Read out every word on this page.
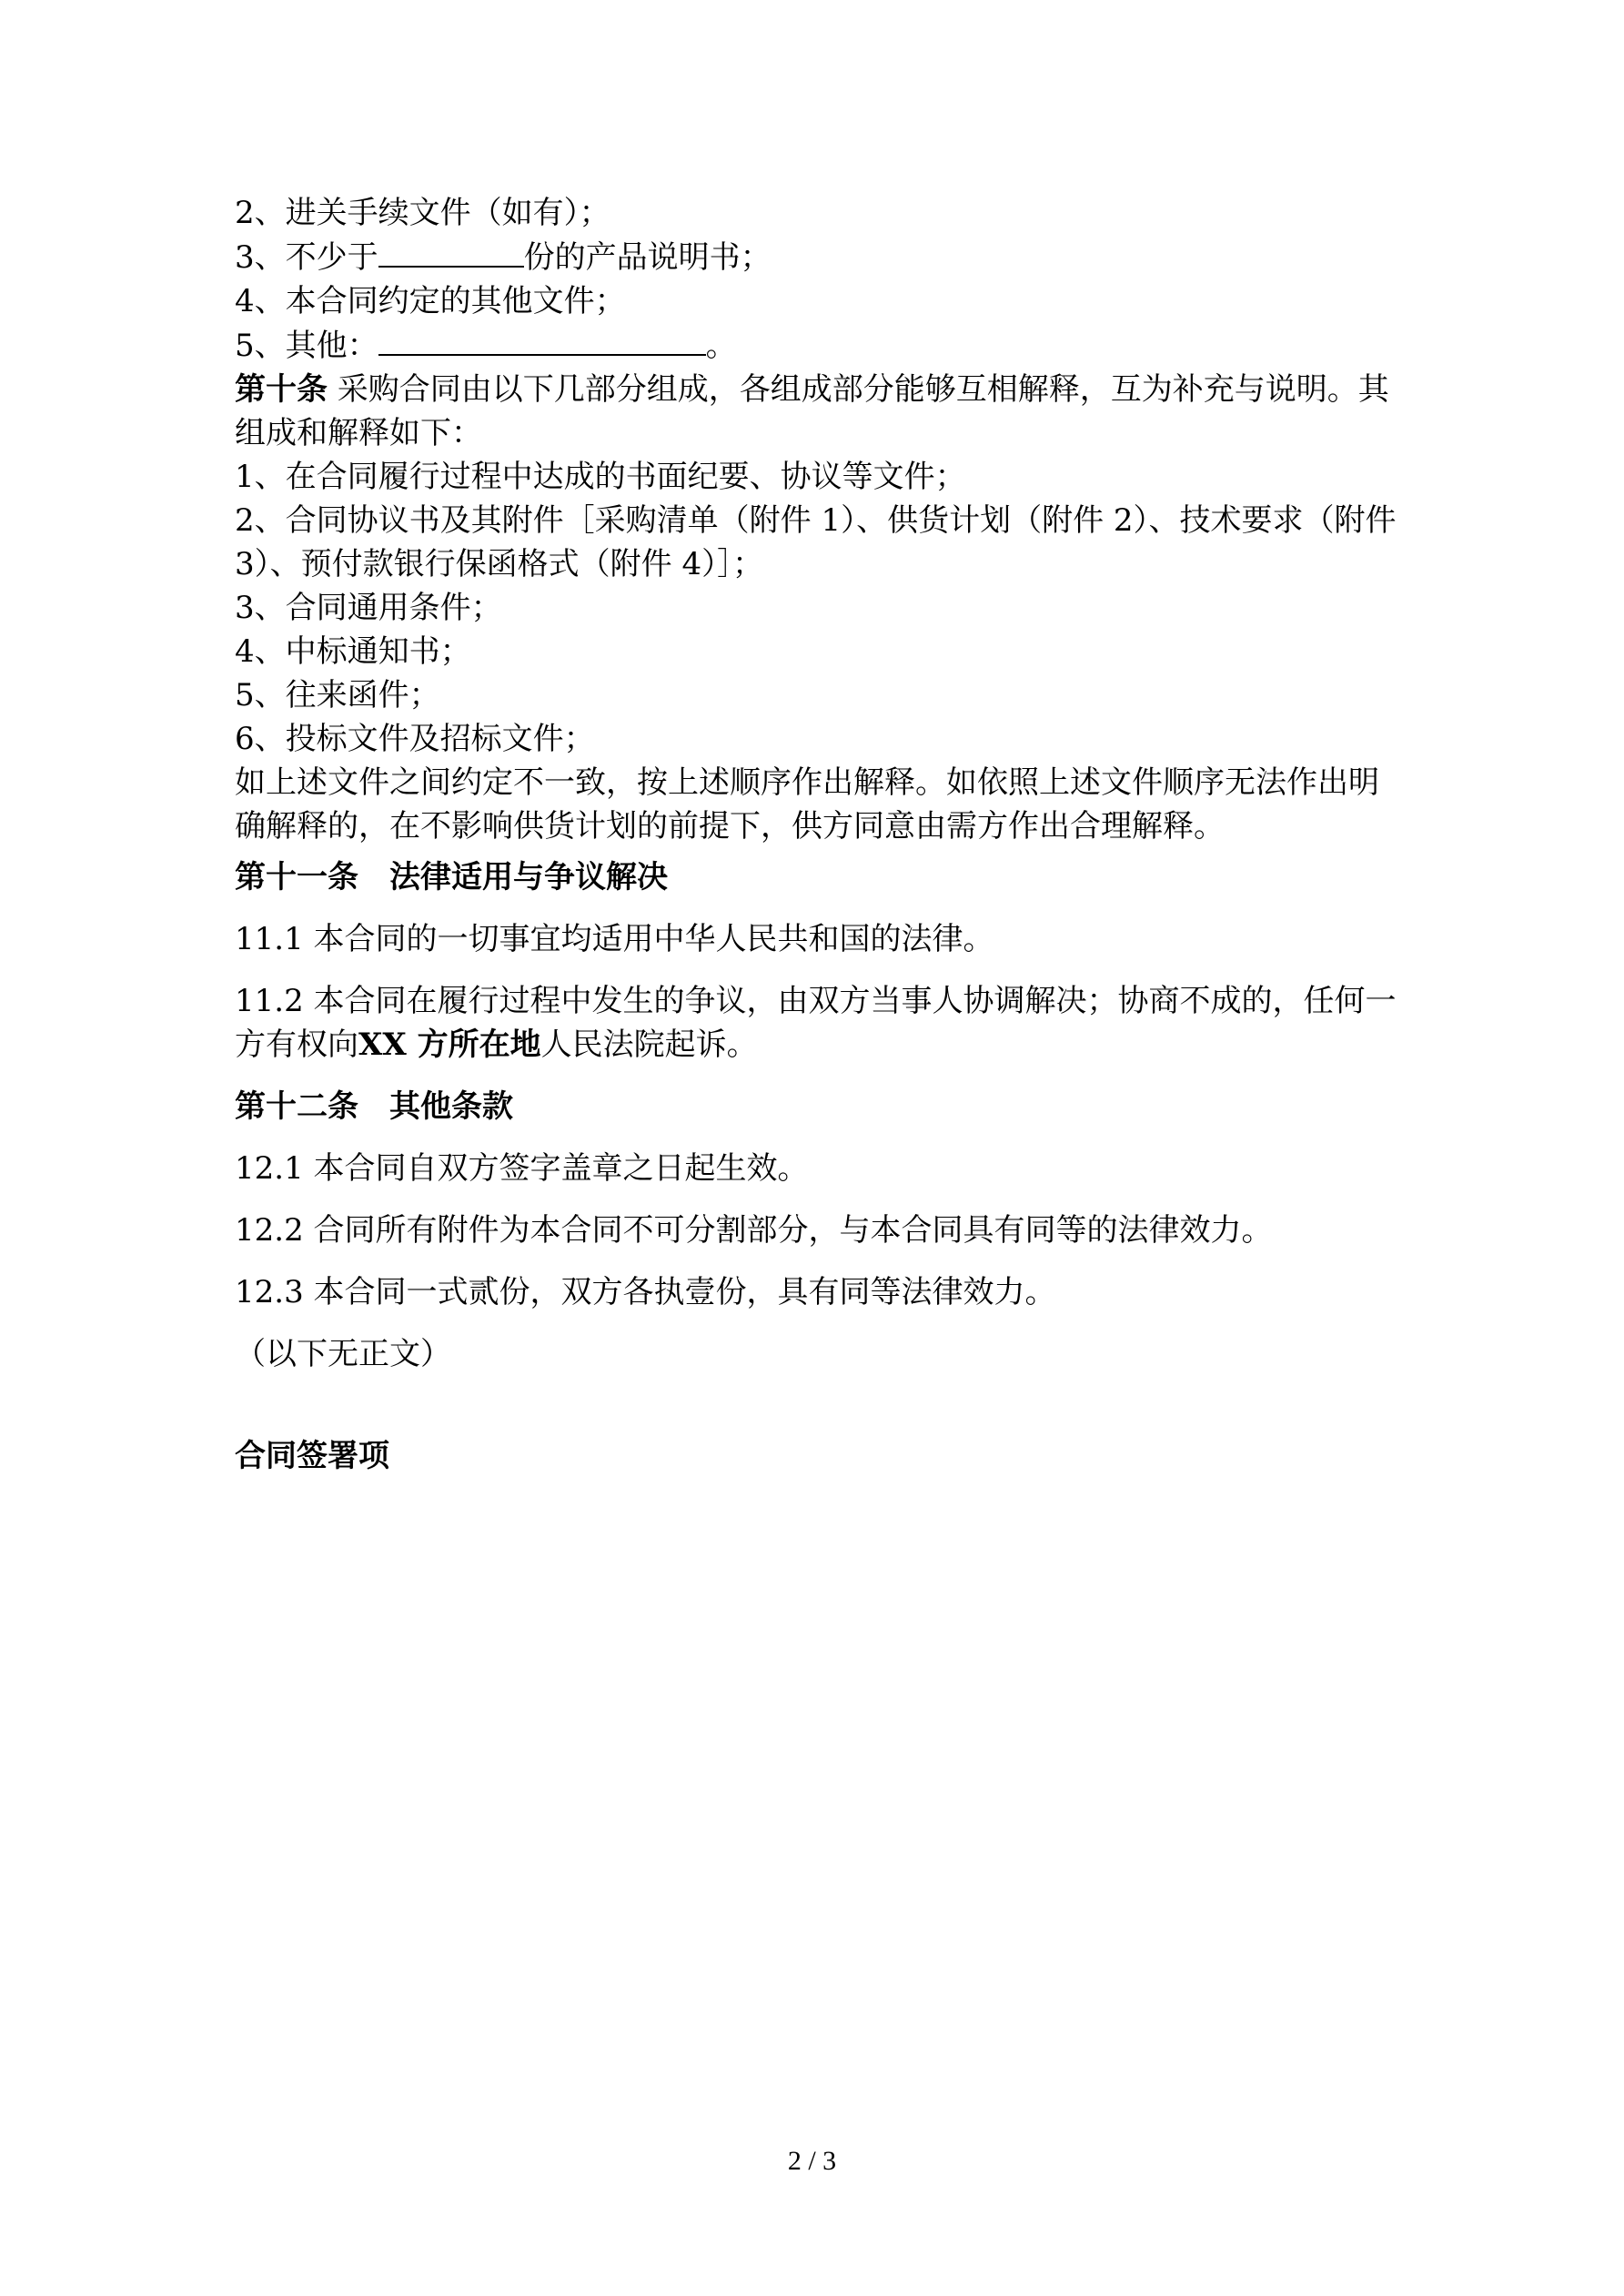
2、进关手续文件（如有）；
3、不少于	份的产品说明书；
4、本合同约定的其他文件；
5、其他：	。
第十条 采购合同由以下几部分组成，各组成部分能够互相解释，互为补充与说明。其组成和解释如下：
1、在合同履行过程中达成的书面纪要、协议等文件；
2、合同协议书及其附件［采购清单（附件 1）、供货计划（附件 2）、技术要求（附件 3）、预付款银行保函格式（附件 4）］；
3、合同通用条件；
4、中标通知书；
5、往来函件；
6、投标文件及招标文件；
如上述文件之间约定不一致，按上述顺序作出解释。如依照上述文件顺序无法作出明确解释的，在不影响供货计划的前提下，供方同意由需方作出合理解释。
第十一条　法律适用与争议解决
11.1 本合同的一切事宜均适用中华人民共和国的法律。
11.2 本合同在履行过程中发生的争议，由双方当事人协调解决；协商不成的，任何一方有权向XX 方所在地人民法院起诉。
第十二条　其他条款
12.1 本合同自双方签字盖章之日起生效。
12.2 合同所有附件为本合同不可分割部分，与本合同具有同等的法律效力。
12.3 本合同一式贰份，双方各执壹份，具有同等法律效力。
（以下无正文）
合同签署项
2 / 3
